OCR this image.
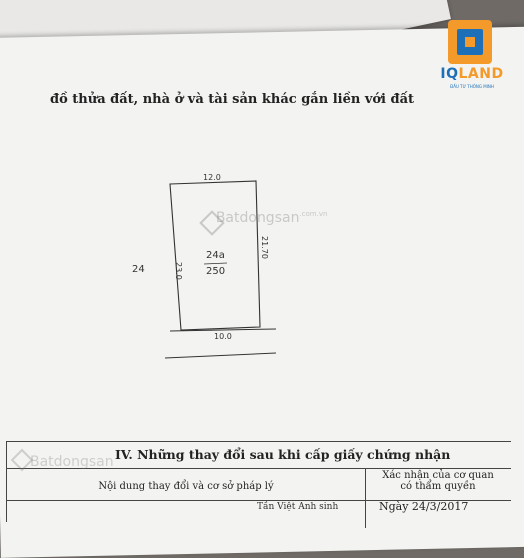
IQLAND
ĐẦU TƯ THÔNG MINH
đồ thửa đất, nhà ở và tài sản khác gắn liền với đất
12.0
10.0
23.0
21.70
24a
250
24
Batdongsan$^{.com.vn}$
IV. Những thay đổi sau khi cấp giấy chứng nhận
Nội dung thay đổi và cơ sở pháp lý
Xác nhận của cơ quan
có thẩm quyền
Tần Việt Anh sinh	Ngày 24/3/2017
Batdongsan
